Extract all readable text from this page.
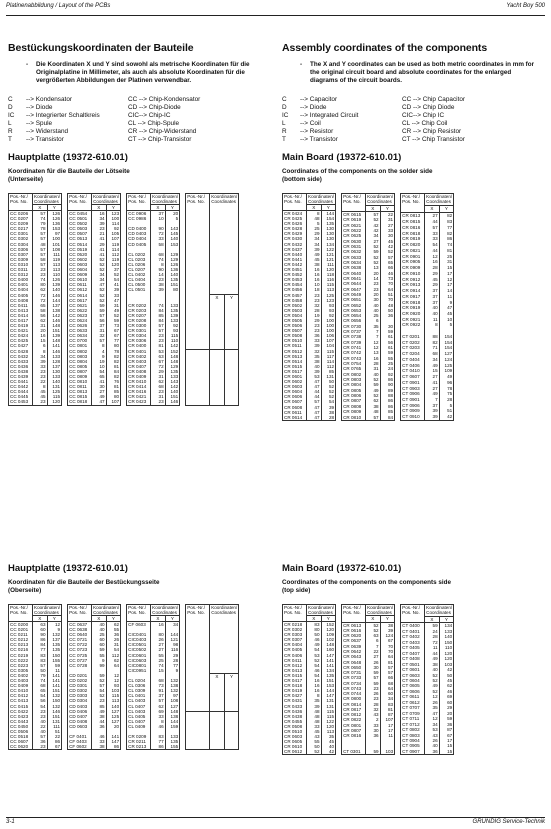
Platinenabbildung / Layout of the PCBs	Yacht Boy 500
Bestückungskoordinaten der Bauteile
-	Die Koordinaten X und Y sind sowohl als metrische Koordinaten für die Originalplatine in Millimeter, als auch als absolute Koordinaten für die vergrößerten Abbildungen der Platinen verwendbar.
C --> Kondensator
D --> Diode
IC --> Integrierter Schaltkreis
L --> Spule
R --> Widerstand
T --> Transistor
CC --> Chip-Kondensator
CD --> Chip-Diode
CIC--> Chip-IC
CL --> Chip-Spule
CR --> Chip-Widerstand
CT --> Chip-Transistor
Assembly coordinates of the components
-	The X and Y coordinates can be used as both metric coordinates in mm for the original circuit board and absolute coordinates for the enlarged diagrams of the circuit boards.
C --> Capacitor
D --> Diode
IC --> Integrated Circuit
L --> Coil
R --> Resistor
T --> Transistor
CC --> Chip Capacitor
CD --> Chip Diode
CIC--> Chip IC
CL --> Chip Coil
CR --> Chip Resistor
CT --> Chip Transistor
Hauptplatte (19372-610.01)
Koordinaten für die Bauteile der Lötseite
(Unterseite)
Main Board (19372-610.01)
Coordinates of the components on the solder side
(bottom side)
Pos.-Nr./
Pos. No.	Koordinaten/
Coordinates	
	X	Y
CC 0206	57	126
CC 0207	74	126
CC 0209	79	136
CC 0217	78	153
CC 0301	57	97
CC 0302	57	100
CC 0304	48	101
CC 0306	57	108
CC 0307	57	111
CC 0309	58	119
CC 0310	57	113
CC 0311	23	113
CC 0312	23	110
CC 0400	74	126
CC 0401	80	139
CC 0404	62	140
CC 0405	72	146
CC 0408	72	144
CC 0411	65	137
CC 0413	58	138
CC 0414	56	142
CC 0417	62	146
CC 0419	31	148
CC 0421	20	151
CC 0424	16	139
CC 0425	15	148
CC 0427	6	141
CC 0428	8	146
CC 0432	34	133
CC 0433	39	128
CC 0436	33	137
CC 0438	23	130
CC 0439	23	133
CC 0441	22	140
CC 0442	8	131
CC 0444	45	125
CC 0445	45	115
CC 0453	23	120
Pos.-Nr./
Pos. No.	Koordinaten/
Coordinates	
	X	Y
CC 0454	16	123
CC 0501	34	100
CC 0502	39	114
CC 0503	23	92
CC 0507	21	105
CC 0513	41	107
CC 0514	29	119
CC 0519	41	114
CC 0520	41	112
CC 0602	52	119
CC 0603	52	120
CC 0604	52	37
CC 0609	34	52
CC 0610	34	54
CC 0611	47	41
CC 0612	52	39
CC 0614	52	33
CC 0617	52	47
CC 0621	59	31
CC 0622	59	49
CC 0623	57	52
CC 0624	56	59
CC 0626	37	73
CC 0633	31	67
CC 0634	32	67
CC 0700	57	77
CC 0801	8	80
CC 0802	4	78
CC 0803	9	82
CC 0804	19	82
CC 0805	10	81
CC 0807	54	84
CC 0809	65	82
CC 0810	41	76
CC 0811	30	81
CC 0813	27	85
CC 0815	49	80
CC 0818	47	107
Pos.-Nr./
Pos. No.	Koordinaten/
Coordinates	
	X	Y
CC 0906	37	20
CC 0986	10	5

CD 0400	90	143
CD 0403	72	145
CD 0404	33	140
CD 0405	58	153

CL 0202	68	129
CL 0203	74	129
CL 0206	8	126
CL 0207	90	136
CL 0402	14	140
CL 0404	23	135
CL 0500	38	151
CL 0501	39	80

CR 0202	74	133
CR 0203	84	135
CR 0207	85	139
CR 0208	84	133
CR 0300	57	92
CR 0301	57	93
CR 0304	23	115
CR 0306	23	110
CR 0400	81	142
CR 0401	53	152
CR 0402	63	148
CR 0403	67	148
CR 0407	72	129
CR 0408	29	135
CR 0409	31	133
CR 0410	62	143
CR 0414	68	142
CR 0416	23	140
CR 0421	31	151
CR 0423	23	146
Pos.-Nr./
Pos. No.	Koordinaten/
Coordinates	
	X	Y

Pos.-Nr./
Pos. No.	Koordinaten/
Coordinates	
	X	Y
CR 0424	8	144
CR 0425	48	154
CR 0426	5	135
CR 0428	25	130
CR 0429	29	130
CR 0430	34	130
CR 0432	34	134
CR 0437	39	122
CR 0440	49	121
CR 0441	45	121
CR 0442	38	111
CR 0451	16	120
CR 0452	16	118
CR 0453	16	116
CR 0454	10	115
CR 0456	18	113
CR 0457	23	125
CR 0458	23	123
CR 0502	32	93
CR 0503	28	93
CR 0504	19	92
CR 0505	29	100
CR 0506	23	100
CR 0507	23	100
CR 0508	36	106
CR 0510	33	107
CR 0511	39	104
CR 0512	32	115
CR 0513	35	117
CR 0514	38	114
CR 0515	40	112
CR 0517	39	85
CR 0601	53	131
CR 0602	47	50
CR 0603	47	52
CR 0604	44	52
CR 0606	44	52
CR 0607	57	54
CR 0608	47	39
CR 0611	47	38
CR 0614	47	28
Pos.-Nr./
Pos. No.	Koordinaten/
Coordinates	
	X	Y
CR 0615	57	22
CR 0619	52	31
CR 0621	42	27
CR 0622	42	33
CR 0625	34	30
CR 0630	27	45
CR 0631	52	42
CR 0632	59	52
CR 0633	52	57
CR 0634	52	65
CR 0638	13	66
CR 0640	20	46
CR 0641	14	73
CR 0644	23	70
CR 0647	23	64
CR 0649	20	51
CR 0651	30	70
CR 0652	40	48
CR 0653	40	50
CR 0654	25	36
CR 0656	6	
CR 0730	35	30
CR 0737	7	59
CR 0738	7	61
CR 0739	12	56
CR 0741	12	61
CR 0742	13	59
CR 0743	16	55
CR 0754	28	25
CR 0765	31	24
CR 0802	40	92
CR 0803	52	86
CR 0804	59	90
CR 0805	49	89
CR 0806	52	88
CR 0807	62	86
CR 0808	38	86
CR 0809	48	85
CR 0810	57	84
Pos.-Nr./
Pos. No.	Koordinaten/
Coordinates	
	X	Y
CR 0813	27	82
CR 0815	44	83
CR 0816	57	77
CR 0818	33	82
CR 0819	33	86
CR 0820	54	74
CR 0821	44	81
CR 0901	12	25
CR 0905	16	31
CR 0909	28	15
CR 0910	29	17
CR 0912	45	12
CR 0913	29	17
CR 0914	37	14
CR 0917	37	11
CR 0918	37	9
CR 0919	40	47
CR 0920	40	45
CR 0921	11	10
CR 0922	8	5

CT 0201	88	154
CT 0202	82	154
CT 0203	71	154
CT 0204	68	127
CT 0404	34	124
CT 0406	49	125
CT 0410	15	109
CT 0607	27	49
CT 0901	41	96
CT 0903	27	78
CT 0906	49	75
CT 0901	7	28
CT 0906	37	5
CT 0909	39	51
CT 0910	39	42
Hauptplatte (19372-610.01)
Koordinaten für die Bauteile der Bestückungsseite
(Oberseite)
Main Board (19372-610.01)
Coordinates of the components on the components side
(top side)
Pos.-Nr./
Pos. No.	Koordinaten/
Coordinates	
	X	Y
CC 0200	63	12
CC 0201	60	9
CC 0211	90	132
CC 0212	86	137
CC 0213	84	135
CC 0216	77	135
CC 0219	83	150
CC 0222	83	155
CC 0223	57	59
CC 0305	50	11
CC 0402	79	141
CC 0403	74	141
CC 0409	68	141
CC 0410	65	151
CC 0412	54	132
CC 0413	56	150
CC 0415	54	132
CC 0422	23	146
CC 0423	23	151
CC 0443	40	131
CC 0450	22	111
CC 0506	40	51
CC 0518	57	22
CC 0607	36	86
CC 0620	23	67
Pos.-Nr./
Pos. No.	Koordinaten/
Coordinates	
	X	Y
CC 0637	40	62
CC 0638	40	55
CC 0640	25	36
CC 0721	60	26
CC 0722	60	31
CC 0723	59	54
CC 0725	55	112
CC 0727	9	62
CC 0728	99	64

CD 0201	59	12
CD 0202	52	12
CD 0301	57	93
CD 0302	54	103
CD 0303	52	115
CD 0304	23	113
CD 0403	85	140
CD 0406	49	127
CD 0407	38	125
CD 0408	44	127
CD 0603	36	20

CF 0401	46	141
CF 0403	33	147
CF 0602	38	86
Pos.-Nr./
Pos. No.	Koordinaten/
Coordinates	
	X	Y
CF 0603	16	34

CIC0401	80	144
CIC0403	26	121
CIC0501	27	98
CIC0502	27	116
CIC0601	55	29
CIC0603	25	28
CIC0801	74	77
CIC0951	15	9

CL 0204	68	132
CL 0306	73	138
CL 0309	91	132
CL 0401	37	97
CL 0403	57	108
CL 0407	62	127
CL 0403	69	148
CL 0405	33	138
CL 0407	8	144
CL 0409	46	159

CR 0209	83	133
CR 0211	77	135
CR 0213	86	155
Pos.-Nr./
Pos. No.	Koordinaten/
Coordinates	
	X	Y

Pos.-Nr./
Pos. No.	Koordinaten/
Coordinates	
	X	Y
CR 0218	83	152
CR 0302	80	120
CR 0303	50	109
CR 0307	46	102
CR 0404	49	148
CR 0405	54	160
CR 0406	53	147
CR 0411	52	141
CR 0412	54	141
CR 0413	46	134
CR 0415	54	135
CR 0417	16	151
CR 0418	16	153
CR 0419	16	144
CR 0427	8	147
CR 0431	35	131
CR 0433	39	131
CR 0436	48	115
CR 0438	48	115
CR 0455	48	122
CR 0508	33	120
CR 0510	45	113
CR 0603	43	35
CR 0605	55	45
CR 0610	50	40
CR 0612	52	42
Pos.-Nr./
Pos. No.	Koordinaten/
Coordinates	
	X	Y
CR 0613	52	38
CR 0616	52	39
CR 0620	63	124
CR 0637	6	67
CR 0639	7	70
CR 0642	22	70
CR 0643	27	64
CR 0648	26	81
CR 0650	30	57
CR 0731	59	57
CR 0733	57	66
CR 0734	59	68
CR 0743	23	64
CR 0744	26	60
CR 0800	23	34
CR 0814	28	83
CR 0817	32	81
CR 0812	43	87
CR 0822	2	107
CR 0801	33	17
CR 0807	30	17
CR 0816	36	11

CT 0301	59	103
Pos.-Nr./
Pos. No.	Koordinaten/
Coordinates	
	X	Y
CT 0400	59	134
CT 0401	24	133
CT 0402	28	140
CT 0403	72	150
CT 0405	11	110
CT 0407	44	120
CT 0408	49	120
CT 0501	38	103
CT 0601	40	42
CT 0603	52	50
CT 0604	52	45
CT 0605	49	62
CT 0606	52	46
CT 0611	12	69
CT 0612	26	60
CT 0707	35	29
CT 0709	47	20
CT 0711	12	59
CT 0712	34	36
CT 0802	53	87
CT 0803	43	67
CT 0904	26	17
CT 0905	40	15
CT 0907	36	15
3-1	GRUNDIG Service-Technik
